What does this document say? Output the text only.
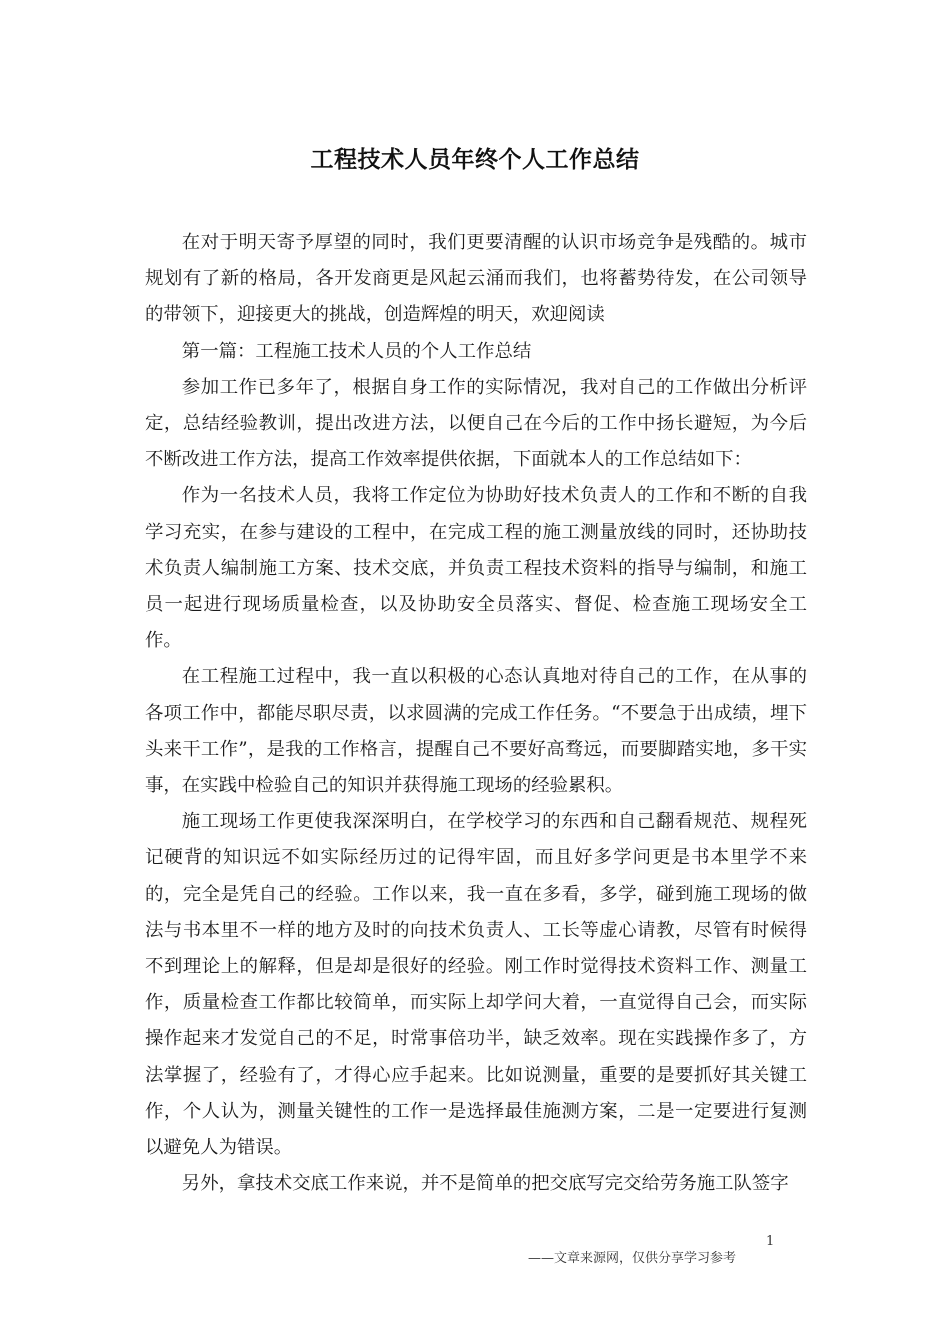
工程技术人员年终个人工作总结

在对于明天寄予厚望的同时，我们更要清醒的认识市场竞争是残酷的。城市规划有了新的格局，各开发商更是风起云涌而我们，也将蓄势待发，在公司领导的带领下，迎接更大的挑战，创造辉煌的明天，欢迎阅读

第一篇：工程施工技术人员的个人工作总结

参加工作已多年了，根据自身工作的实际情况，我对自己的工作做出分析评定，总结经验教训，提出改进方法，以便自己在今后的工作中扬长避短，为今后不断改进工作方法，提高工作效率提供依据，下面就本人的工作总结如下：

作为一名技术人员，我将工作定位为协助好技术负责人的工作和不断的自我学习充实，在参与建设的工程中，在完成工程的施工测量放线的同时，还协助技术负责人编制施工方案、技术交底，并负责工程技术资料的指导与编制，和施工员一起进行现场质量检查，以及协助安全员落实、督促、检查施工现场安全工作。

在工程施工过程中，我一直以积极的心态认真地对待自己的工作，在从事的各项工作中，都能尽职尽责，以求圆满的完成工作任务。“不要急于出成绩，埋下头来干工作”，是我的工作格言，提醒自己不要好高骛远，而要脚踏实地，多干实事，在实践中检验自己的知识并获得施工现场的经验累积。

施工现场工作更使我深深明白，在学校学习的东西和自己翻看规范、规程死记硬背的知识远不如实际经历过的记得牢固，而且好多学问更是书本里学不来的，完全是凭自己的经验。工作以来，我一直在多看，多学，碰到施工现场的做法与书本里不一样的地方及时的向技术负责人、工长等虚心请教，尽管有时候得不到理论上的解释，但是却是很好的经验。刚工作时觉得技术资料工作、测量工作，质量检查工作都比较简单，而实际上却学问大着，一直觉得自己会，而实际操作起来才发觉自己的不足，时常事倍功半，缺乏效率。现在实践操作多了，方法掌握了，经验有了，才得心应手起来。比如说测量，重要的是要抓好其关键工作，个人认为，测量关键性的工作一是选择最佳施测方案，二是一定要进行复测以避免人为错误。

另外，拿技术交底工作来说，并不是简单的把交底写完交给劳务施工队签字

1
——文章来源网，仅供分享学习参考
